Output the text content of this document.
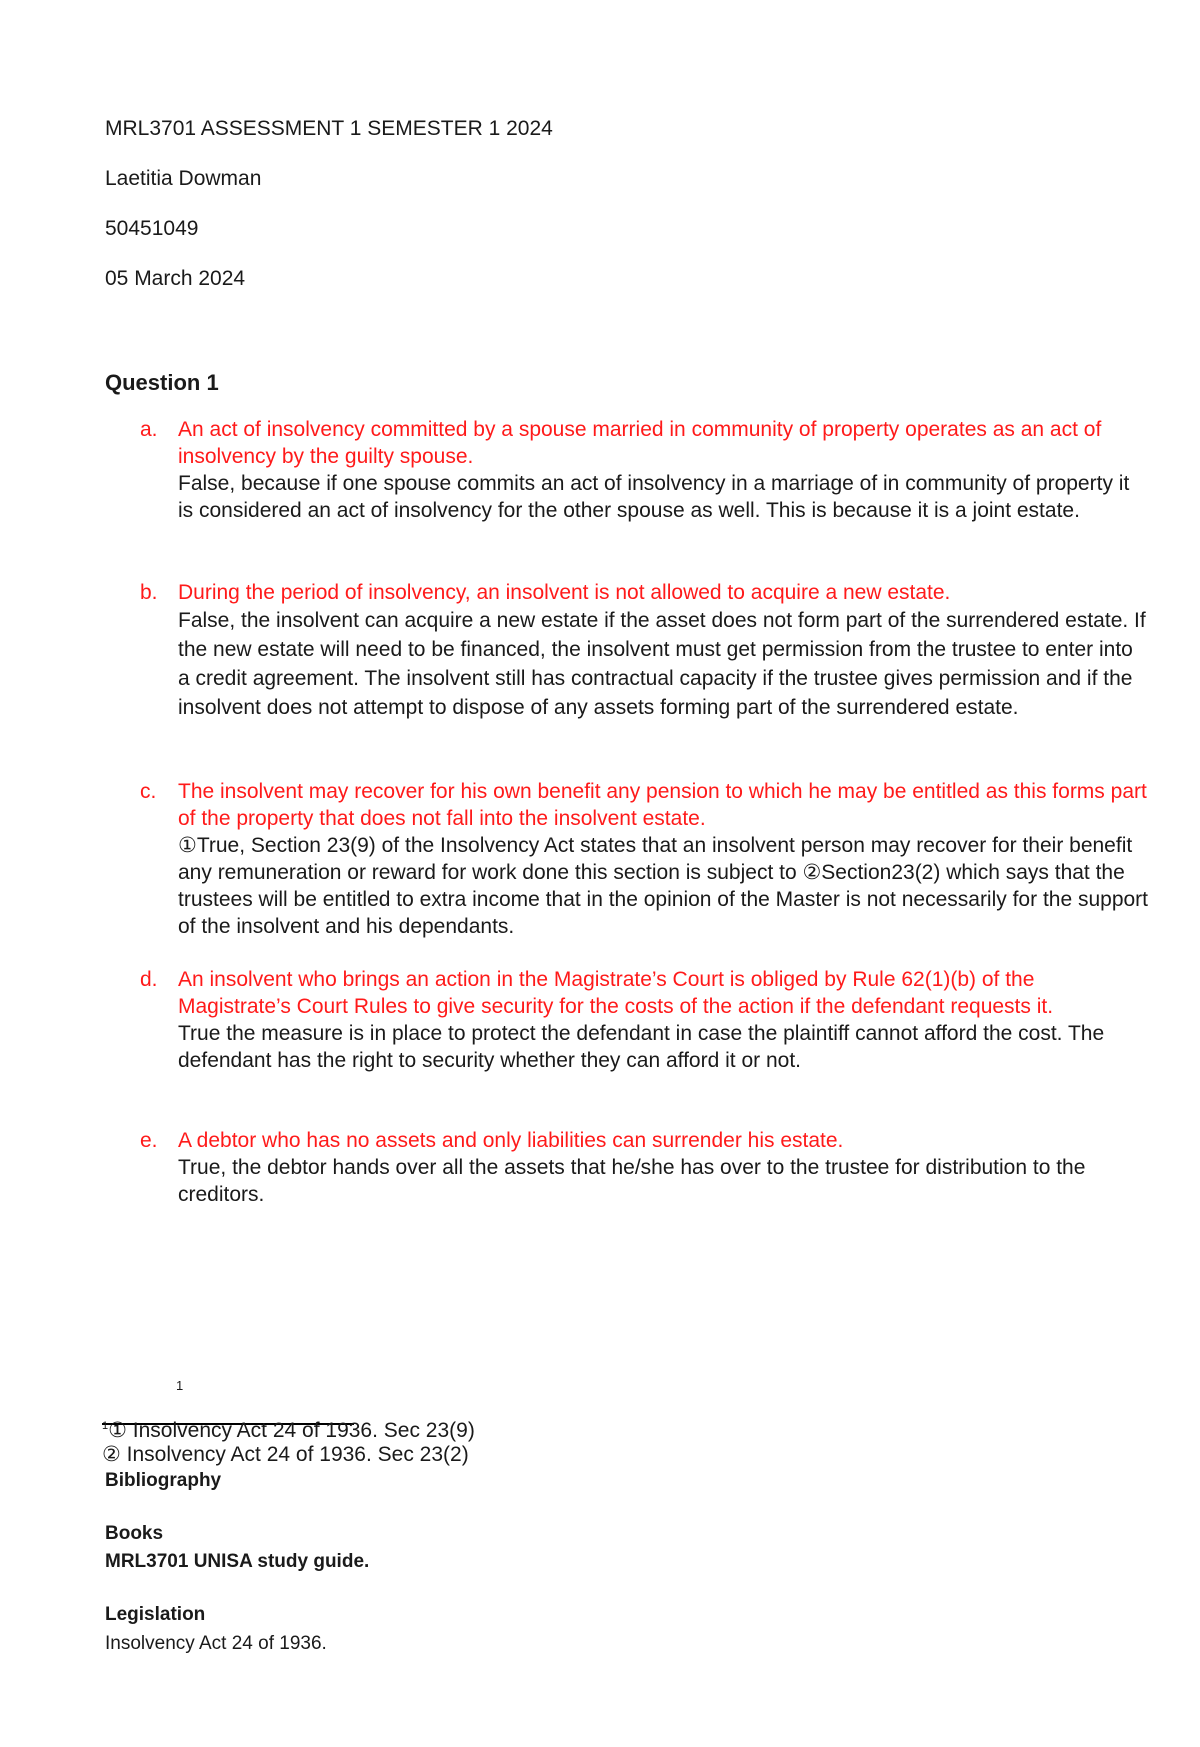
MRL3701 ASSESSMENT 1 SEMESTER 1 2024
Laetitia Dowman
50451049
05 March 2024
Question 1
a. An act of insolvency committed by a spouse married in community of property operates as an act of insolvency by the guilty spouse.
False, because if one spouse commits an act of insolvency in a marriage of in community of property it is considered an act of insolvency for the other spouse as well. This is because it is a joint estate.
b. During the period of insolvency, an insolvent is not allowed to acquire a new estate.
False, the insolvent can acquire a new estate if the asset does not form part of the surrendered estate. If the new estate will need to be financed, the insolvent must get permission from the trustee to enter into a credit agreement. The insolvent still has contractual capacity if the trustee gives permission and if the insolvent does not attempt to dispose of any assets forming part of the surrendered estate.
c. The insolvent may recover for his own benefit any pension to which he may be entitled as this forms part of the property that does not fall into the insolvent estate.
①True, Section 23(9) of the Insolvency Act states that an insolvent person may recover for their benefit any remuneration or reward for work done this section is subject to ②Section23(2) which says that the trustees will be entitled to extra income that in the opinion of the Master is not necessarily for the support of the insolvent and his dependants.
d. An insolvent who brings an action in the Magistrate’s Court is obliged by Rule 62(1)(b) of the Magistrate’s Court Rules to give security for the costs of the action if the defendant requests it.
True the measure is in place to protect the defendant in case the plaintiff cannot afford the cost. The defendant has the right to security whether they can afford it or not.
e. A debtor who has no assets and only liabilities can surrender his estate.
True, the debtor hands over all the assets that he/she has over to the trustee for distribution to the creditors.
1
$^1$① Insolvency Act 24 of 1936. Sec 23(9)
② Insolvency Act 24 of 1936. Sec 23(2)
Bibliography
Books
MRL3701 UNISA study guide.
Legislation
Insolvency Act 24 of 1936.
